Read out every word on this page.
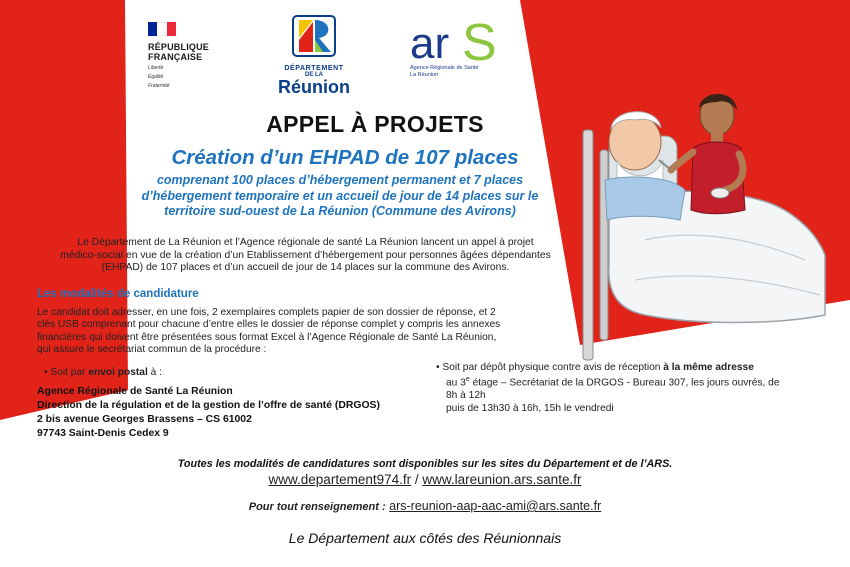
RÉPUBLIQUE
FRANÇAISE
Liberté
Égalité
Fraternité
DÉPARTEMENT
DE LA
Réunion
ar S
Agence Régionale de Santé
La Réunion
APPEL À PROJETS
Création d’un EHPAD de 107 places
comprenant 100 places d’hébergement permanent et 7 places
d’hébergement temporaire et un accueil de jour de 14 places sur le
territoire sud-ouest de La Réunion (Commune des Avirons)
Le Département de La Réunion et l’Agence régionale de santé La Réunion lancent un appel à projet
médico-social en vue de la création d’un Etablissement d’hébergement pour personnes âgées dépendantes
(EHPAD) de 107 places et d’un accueil de jour de 14 places sur la commune des Avirons.
Les modalités de candidature
Le candidat doit adresser, en une fois, 2 exemplaires complets papier de son dossier de réponse, et 2
clés USB comprenant pour chacune d’entre elles le dossier de réponse complet y compris les annexes
financières qui doivent être présentées sous format Excel à l’Agence Régionale de Santé La Réunion,
qui assure le secrétariat commun de la procédure :
• Soit par envoi postal à :
Agence Régionale de Santé La Réunion
Direction de la régulation et de la gestion de l’offre de santé (DRGOS)
2 bis avenue Georges Brassens – CS 61002
97743 Saint-Denis Cedex 9
• Soit par dépôt physique contre avis de réception à la même adresse
au 3e étage – Secrétariat de la DRGOS - Bureau 307, les jours ouvrés, de
8h à 12h
puis de 13h30 à 16h, 15h le vendredi
Toutes les modalités de candidatures sont disponibles sur les sites du Département et de l’ARS.
www.departement974.fr / www.lareunion.ars.sante.fr
Pour tout renseignement : ars-reunion-aap-aac-ami@ars.sante.fr
Le Département aux côtés des Réunionnais
